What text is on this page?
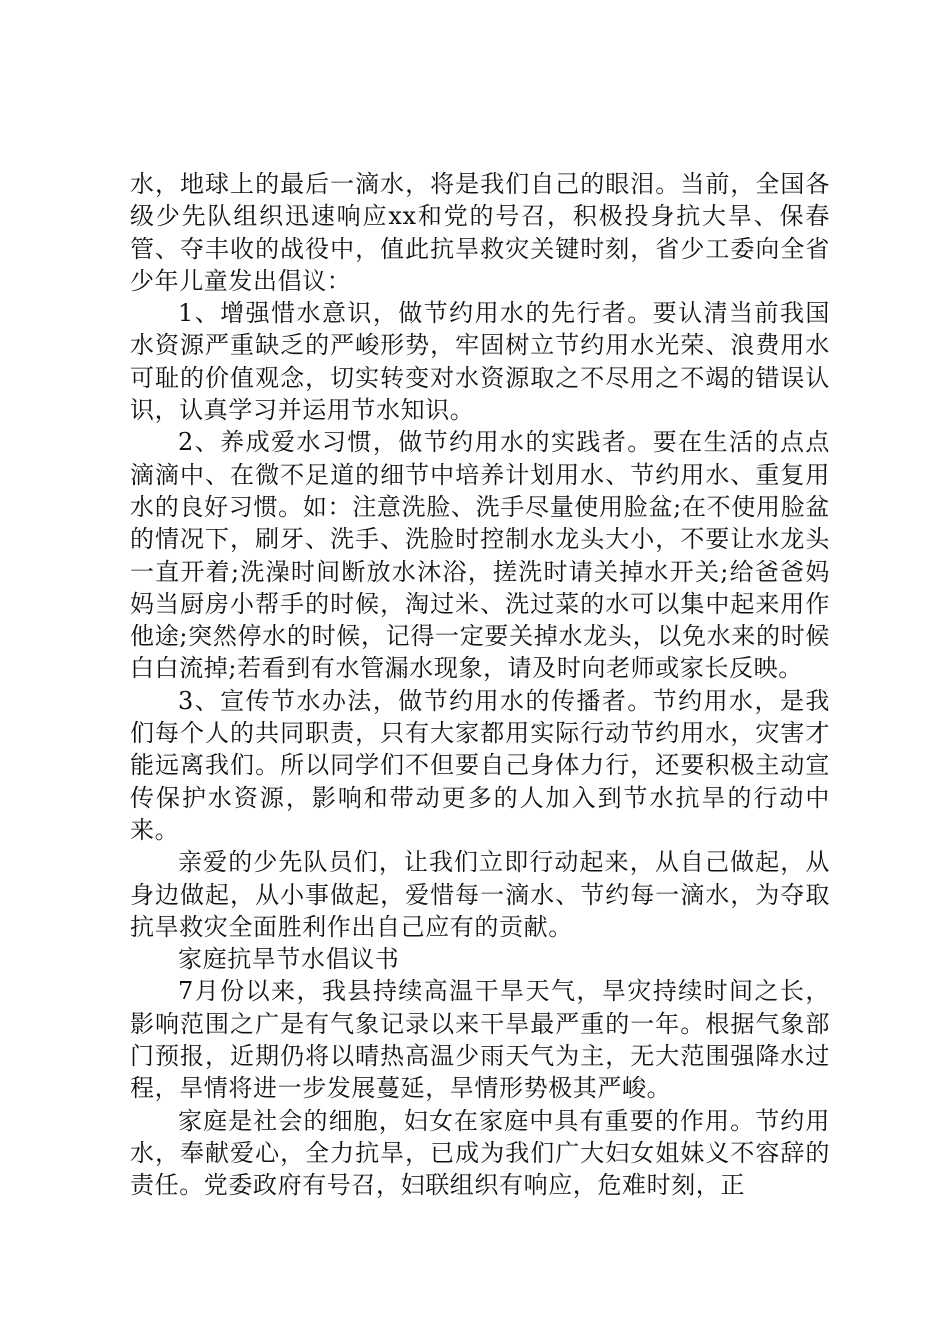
水，地球上的最后一滴水，将是我们自己的眼泪。当前，全国各级少先队组织迅速响应xx和党的号召，积极投身抗大旱、保春管、夺丰收的战役中，值此抗旱救灾关键时刻，省少工委向全省少年儿童发出倡议：

1、增强惜水意识，做节约用水的先行者。要认清当前我国水资源严重缺乏的严峻形势，牢固树立节约用水光荣、浪费用水可耻的价值观念，切实转变对水资源取之不尽用之不竭的错误认识，认真学习并运用节水知识。

2、养成爱水习惯，做节约用水的实践者。要在生活的点点滴滴中、在微不足道的细节中培养计划用水、节约用水、重复用水的良好习惯。如：注意洗脸、洗手尽量使用脸盆;在不使用脸盆的情况下，刷牙、洗手、洗脸时控制水龙头大小，不要让水龙头一直开着;洗澡时间断放水沐浴，搓洗时请关掉水开关;给爸爸妈妈当厨房小帮手的时候，淘过米、洗过菜的水可以集中起来用作他途;突然停水的时候，记得一定要关掉水龙头，以免水来的时候白白流掉;若看到有水管漏水现象，请及时向老师或家长反映。

3、宣传节水办法，做节约用水的传播者。节约用水，是我们每个人的共同职责，只有大家都用实际行动节约用水，灾害才能远离我们。所以同学们不但要自己身体力行，还要积极主动宣传保护水资源，影响和带动更多的人加入到节水抗旱的行动中来。

亲爱的少先队员们，让我们立即行动起来，从自己做起，从身边做起，从小事做起，爱惜每一滴水、节约每一滴水，为夺取抗旱救灾全面胜利作出自己应有的贡献。

家庭抗旱节水倡议书

7月份以来，我县持续高温干旱天气，旱灾持续时间之长，影响范围之广是有气象记录以来干旱最严重的一年。根据气象部门预报，近期仍将以晴热高温少雨天气为主，无大范围强降水过程，旱情将进一步发展蔓延，旱情形势极其严峻。

家庭是社会的细胞，妇女在家庭中具有重要的作用。节约用水，奉献爱心，全力抗旱，已成为我们广大妇女姐妹义不容辞的责任。党委政府有号召，妇联组织有响应，危难时刻，正
